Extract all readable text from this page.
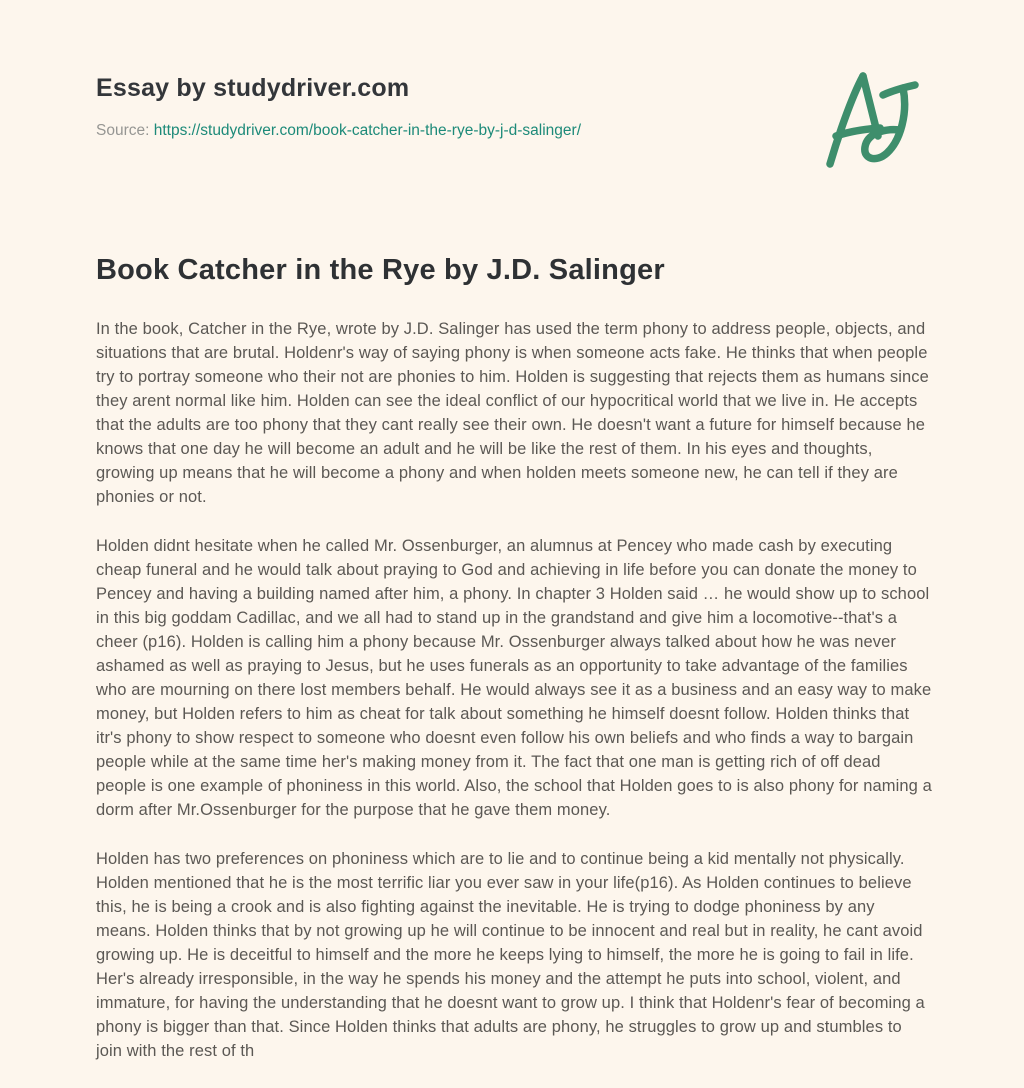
Essay by studydriver.com
Source: https://studydriver.com/book-catcher-in-the-rye-by-j-d-salinger/
Book Catcher in the Rye by J.D. Salinger

In the book, Catcher in the Rye, wrote by J.D. Salinger has used the term phony to address people, objects, and situations that are brutal. Holdenr's way of saying phony is when someone acts fake. He thinks that when people try to portray someone who their not are phonies to him. Holden is suggesting that rejects them as humans since they arent normal like him. Holden can see the ideal conflict of our hypocritical world that we live in. He accepts that the adults are too phony that they cant really see their own. He doesn't want a future for himself because he knows that one day he will become an adult and he will be like the rest of them. In his eyes and thoughts, growing up means that he will become a phony and when holden meets someone new, he can tell if they are phonies or not.

Holden didnt hesitate when he called Mr. Ossenburger, an alumnus at Pencey who made cash by executing cheap funeral and he would talk about praying to God and achieving in life before you can donate the money to Pencey and having a building named after him, a phony. In chapter 3 Holden said … he would show up to school in this big goddam Cadillac, and we all had to stand up in the grandstand and give him a locomotive--that's a cheer (p16). Holden is calling him a phony because Mr. Ossenburger always talked about how he was never ashamed as well as praying to Jesus, but he uses funerals as an opportunity to take advantage of the families who are mourning on there lost members behalf. He would always see it as a business and an easy way to make money, but Holden refers to him as cheat for talk about something he himself doesnt follow. Holden thinks that itr's phony to show respect to someone who doesnt even follow his own beliefs and who finds a way to bargain people while at the same time her's making money from it. The fact that one man is getting rich of off dead people is one example of phoniness in this world. Also, the school that Holden goes to is also phony for naming a dorm after Mr.Ossenburger for the purpose that he gave them money.

Holden has two preferences on phoniness which are to lie and to continue being a kid mentally not physically. Holden mentioned that he is the most terrific liar you ever saw in your life(p16). As Holden continues to believe this, he is being a crook and is also fighting against the inevitable. He is trying to dodge phoniness by any means. Holden thinks that by not growing up he will continue to be innocent and real but in reality, he cant avoid growing up. He is deceitful to himself and the more he keeps lying to himself, the more he is going to fail in life. Her's already irresponsible, in the way he spends his money and the attempt he puts into school, violent, and immature, for having the understanding that he doesnt want to grow up. I think that Holdenr's fear of becoming a phony is bigger than that. Since Holden thinks that adults are phony, he struggles to grow up and stumbles to join with the rest of th
